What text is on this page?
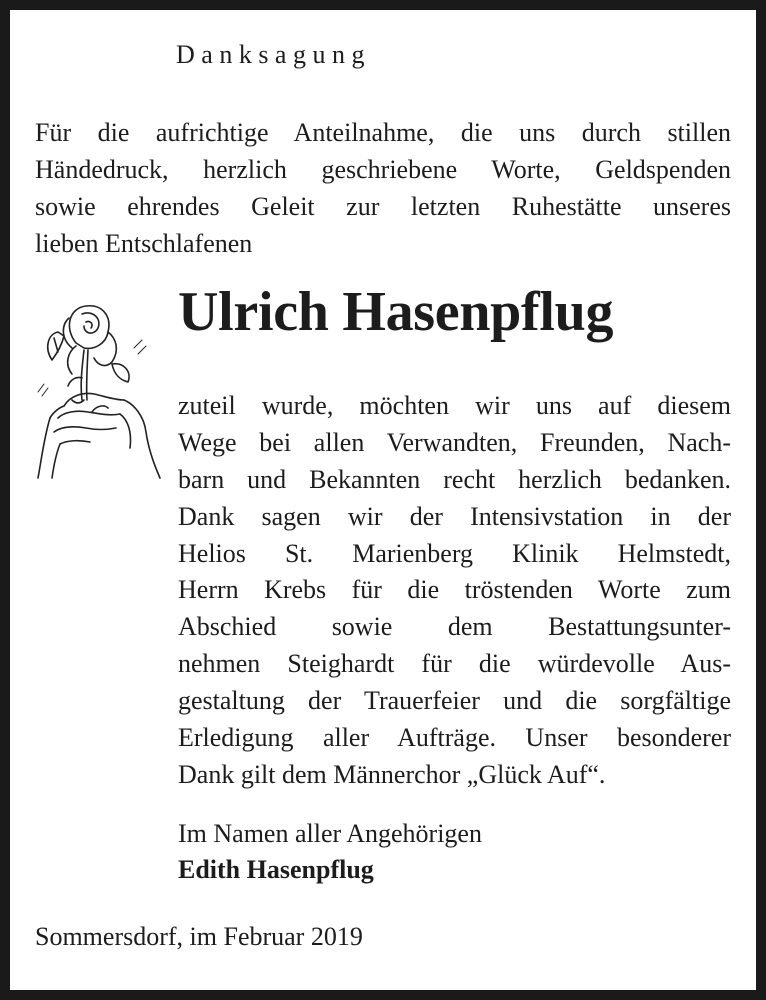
Danksagung
Für die aufrichtige Anteilnahme, die uns durch stillen
Händedruck, herzlich geschriebene Worte, Geldspenden
sowie ehrendes Geleit zur letzten Ruhestätte unseres
lieben Entschlafenen
Ulrich Hasenpflug
zuteil wurde, möchten wir uns auf diesem
Wege bei allen Verwandten, Freunden, Nach-
barn und Bekannten recht herzlich bedanken.
Dank sagen wir der Intensivstation in der
Helios St. Marienberg Klinik Helmstedt,
Herrn Krebs für die tröstenden Worte zum
Abschied sowie dem Bestattungsunter-
nehmen Steighardt für die würdevolle Aus-
gestaltung der Trauerfeier und die sorgfältige
Erledigung aller Aufträge. Unser besonderer
Dank gilt dem Männerchor „Glück Auf“.
Im Namen aller Angehörigen
Edith Hasenpflug
Sommersdorf, im Februar 2019
